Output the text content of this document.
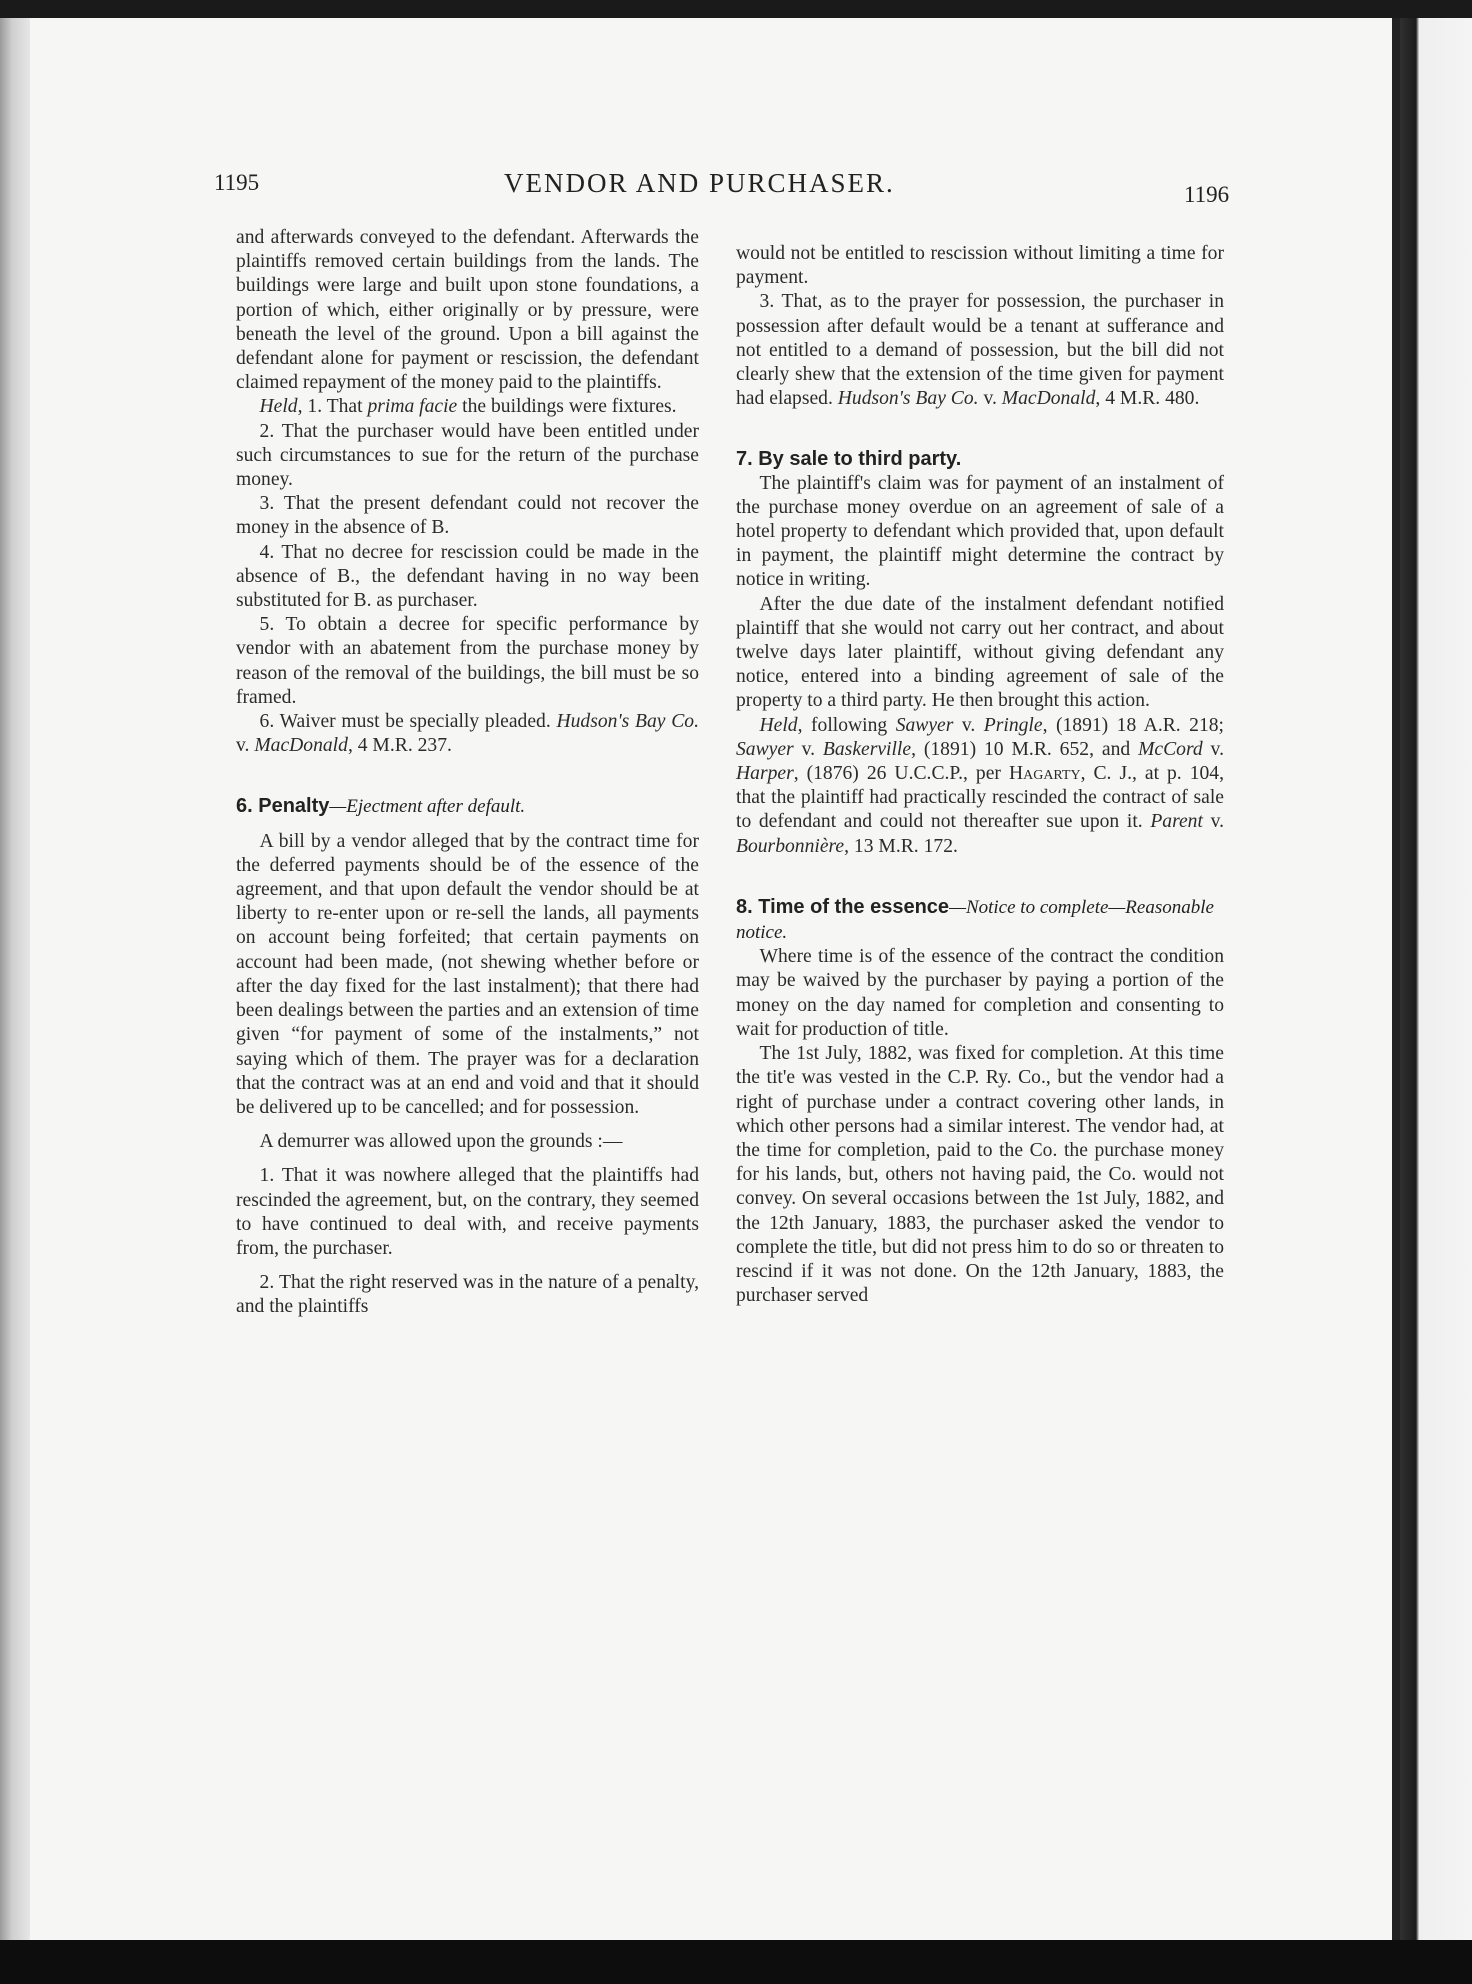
1195	VENDOR AND PURCHASER.	1196

and afterwards conveyed to the defendant. Afterwards the plaintiffs removed certain buildings from the lands. The buildings were large and built upon stone foundations, a portion of which, either originally or by pressure, were beneath the level of the ground. Upon a bill against the defendant alone for payment or rescission, the defendant claimed repayment of the money paid to the plaintiffs.

Held, 1. That prima facie the buildings were fixtures.

2. That the purchaser would have been entitled under such circumstances to sue for the return of the purchase money.

3. That the present defendant could not recover the money in the absence of B.

4. That no decree for rescission could be made in the absence of B., the defendant having in no way been substituted for B. as purchaser.

5. To obtain a decree for specific performance by vendor with an abatement from the purchase money by reason of the removal of the buildings, the bill must be so framed.

6. Waiver must be specially pleaded. Hudson's Bay Co. v. MacDonald, 4 M.R. 237.

6. Penalty—Ejectment after default.

A bill by a vendor alleged that by the contract time for the deferred payments should be of the essence of the agreement, and that upon default the vendor should be at liberty to re-enter upon or re-sell the lands, all payments on account being forfeited; that certain payments on account had been made, (not shewing whether before or after the day fixed for the last instalment); that there had been dealings between the parties and an extension of time given “for payment of some of the instalments,” not saying which of them. The prayer was for a declaration that the contract was at an end and void and that it should be delivered up to be cancelled; and for possession.

A demurrer was allowed upon the grounds :—

1. That it was nowhere alleged that the plaintiffs had rescinded the agreement, but, on the contrary, they seemed to have continued to deal with, and receive payments from, the purchaser.

2. That the right reserved was in the nature of a penalty, and the plaintiffs

would not be entitled to rescission without limiting a time for payment.

3. That, as to the prayer for possession, the purchaser in possession after default would be a tenant at sufferance and not entitled to a demand of possession, but the bill did not clearly shew that the extension of the time given for payment had elapsed. Hudson's Bay Co. v. MacDonald, 4 M.R. 480.

7. By sale to third party.

The plaintiff's claim was for payment of an instalment of the purchase money overdue on an agreement of sale of a hotel property to defendant which provided that, upon default in payment, the plaintiff might determine the contract by notice in writing.

After the due date of the instalment defendant notified plaintiff that she would not carry out her contract, and about twelve days later plaintiff, without giving defendant any notice, entered into a binding agreement of sale of the property to a third party. He then brought this action.

Held, following Sawyer v. Pringle, (1891) 18 A.R. 218; Sawyer v. Baskerville, (1891) 10 M.R. 652, and McCord v. Harper, (1876) 26 U.C.C.P., per Hagarty, C. J., at p. 104, that the plaintiff had practically rescinded the contract of sale to defendant and could not thereafter sue upon it. Parent v. Bourbonnière, 13 M.R. 172.

8. Time of the essence—Notice to complete—Reasonable notice.

Where time is of the essence of the contract the condition may be waived by the purchaser by paying a portion of the money on the day named for completion and consenting to wait for production of title.

The 1st July, 1882, was fixed for completion. At this time the tit'e was vested in the C.P. Ry. Co., but the vendor had a right of purchase under a contract covering other lands, in which other persons had a similar interest. The vendor had, at the time for completion, paid to the Co. the purchase money for his lands, but, others not having paid, the Co. would not convey. On several occasions between the 1st July, 1882, and the 12th January, 1883, the purchaser asked the vendor to complete the title, but did not press him to do so or threaten to rescind if it was not done. On the 12th January, 1883, the purchaser served
